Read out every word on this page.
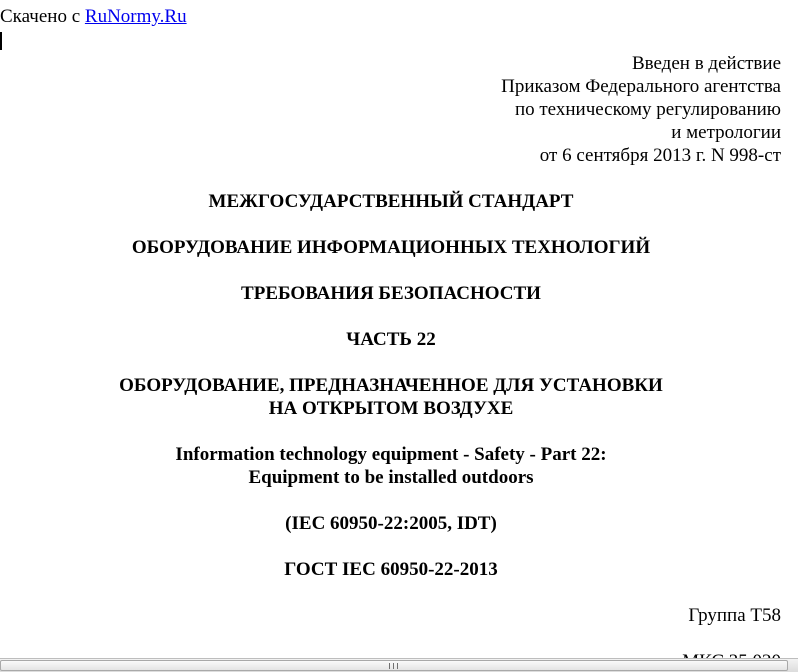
Скачено с RuNormy.Ru
Введен в действие
Приказом Федерального агентства
по техническому регулированию
и метрологии
от 6 сентября 2013 г. N 998-ст
МЕЖГОСУДАРСТВЕННЫЙ СТАНДАРТ
ОБОРУДОВАНИЕ ИНФОРМАЦИОННЫХ ТЕХНОЛОГИЙ
ТРЕБОВАНИЯ БЕЗОПАСНОСТИ
ЧАСТЬ 22
ОБОРУДОВАНИЕ, ПРЕДНАЗНАЧЕННОЕ ДЛЯ УСТАНОВКИ
НА ОТКРЫТОМ ВОЗДУХЕ
Information technology equipment - Safety - Part 22:
Equipment to be installed outdoors
(IEC 60950-22:2005, IDT)
ГОСТ IEC 60950-22-2013
Группа Т58
